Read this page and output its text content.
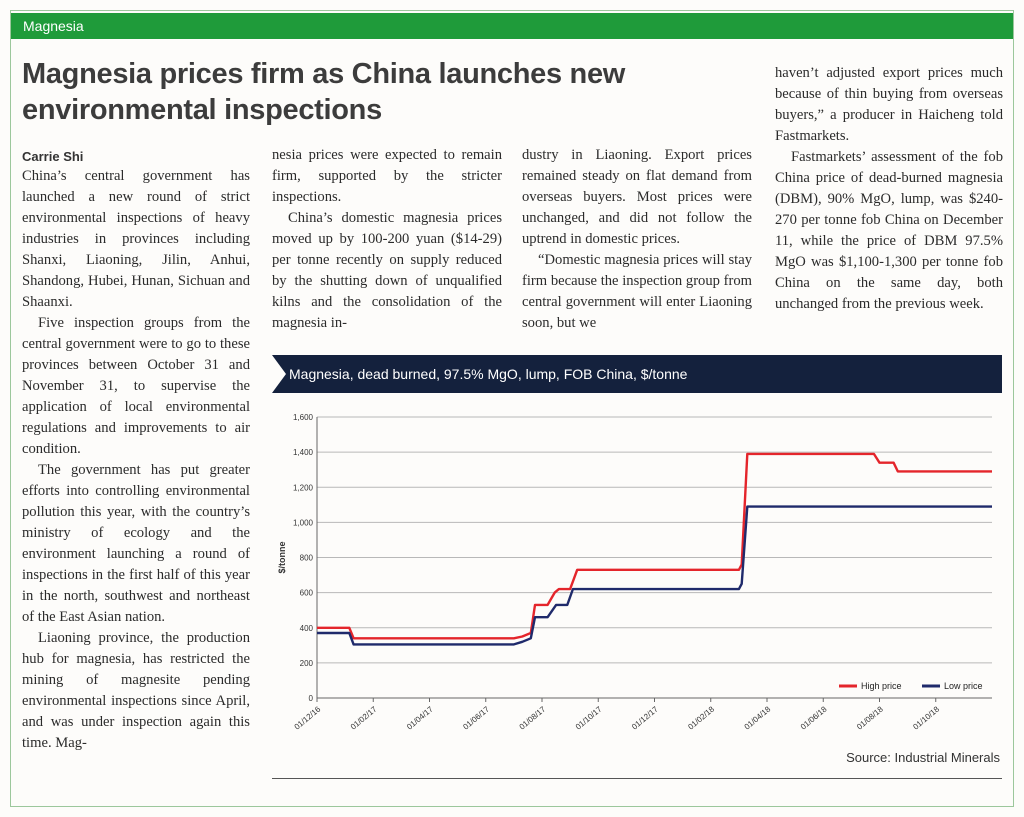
Magnesia
Magnesia prices firm as China launches new environmental inspections
Carrie Shi

China’s central government has launched a new round of strict environmental inspections of heavy industries in provinces including Shanxi, Liaoning, Jilin, Anhui, Shandong, Hubei, Hunan, Sichuan and Shaanxi.

Five inspection groups from the central government were to go to these provinces between October 31 and November 31, to supervise the application of local environmental regulations and improvements to air condition.

The government has put greater efforts into controlling environmental pollution this year, with the country’s ministry of ecology and the environment launching a round of inspections in the first half of this year in the north, southwest and northeast of the East Asian nation.

Liaoning province, the production hub for magnesia, has restricted the mining of magnesite pending environmental inspections since April, and was under inspection again this time. Mag-

nesia prices were expected to remain firm, supported by the stricter inspections.

China’s domestic magnesia prices moved up by 100-200 yuan ($14-29) per tonne recently on supply reduced by the shutting down of unqualified kilns and the consolidation of the magnesia in-

dustry in Liaoning. Export prices remained steady on flat demand from overseas buyers. Most prices were unchanged, and did not follow the uptrend in domestic prices.

“Domestic magnesia prices will stay firm because the inspection group from central government will enter Liaoning soon, but we

haven’t adjusted export prices much because of thin buying from overseas buyers,” a producer in Haicheng told Fastmarkets.

Fastmarkets’ assessment of the fob China price of dead-burned magnesia (DBM), 90% MgO, lump, was $240-270 per tonne fob China on December 11, while the price of DBM 97.5% MgO was $1,100-1,300 per tonne fob China on the same day, both unchanged from the previous week.

Magnesia, dead burned, 97.5% MgO, lump, FOB China, $/tonne
0
200
400
600
800
1,000
1,200
1,400
1,600
$/tonne
01/12/16	01/02/17	01/04/17	01/06/17	01/08/17	01/10/17	01/12/17	01/02/18	01/04/18	01/06/18	01/08/18	01/10/18
High price	Low price
Source: Industrial Minerals
